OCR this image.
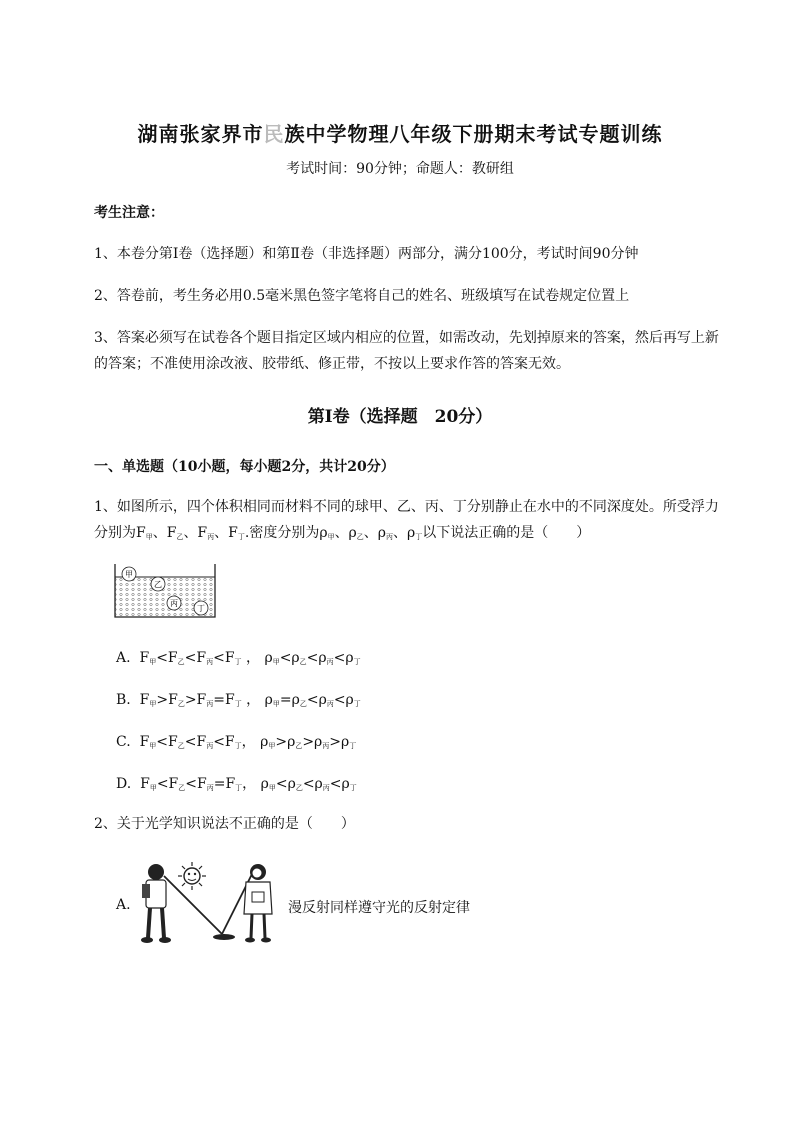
湖南张家界市民族中学物理八年级下册期末考试专题训练
考试时间：90分钟；命题人：教研组
考生注意：
1、本卷分第I卷（选择题）和第Ⅱ卷（非选择题）两部分，满分100分，考试时间90分钟
2、答卷前，考生务必用0.5毫米黑色签字笔将自己的姓名、班级填写在试卷规定位置上
3、答案必须写在试卷各个题目指定区域内相应的位置，如需改动，先划掉原来的答案，然后再写上新
的答案；不准使用涂改液、胶带纸、修正带，不按以上要求作答的答案无效。
第I卷（选择题　20分）
一、单选题（10小题，每小题2分，共计20分）
1、如图所示，四个体积相同而材料不同的球甲、乙、丙、丁分别静止在水中的不同深度处。所受浮力
分别为$F_甲$、$F_乙$、$F_丙$、$F_丁$.密度分别为$\rho_甲$、$\rho_乙$、$\rho_丙$、$\rho_丁$以下说法正确的是（　　）
甲
乙
丙
丁
A.  $F_甲<F_乙<F_丙<F_丁$ ， $\rho_甲<\rho_乙<\rho_丙<\rho_丁$
B.  $F_甲>F_乙>F_丙=F_丁$ ， $\rho_甲=\rho_乙<\rho_丙<\rho_丁$
C.  $F_甲<F_乙<F_丙<F_丁$， $\rho_甲>\rho_乙>\rho_丙>\rho_丁$
D.  $F_甲<F_乙<F_丙=F_丁$， $\rho_甲<\rho_乙<\rho_丙<\rho_丁$
2、关于光学知识说法不正确的是（　　）
A.	漫反射同样遵守光的反射定律
